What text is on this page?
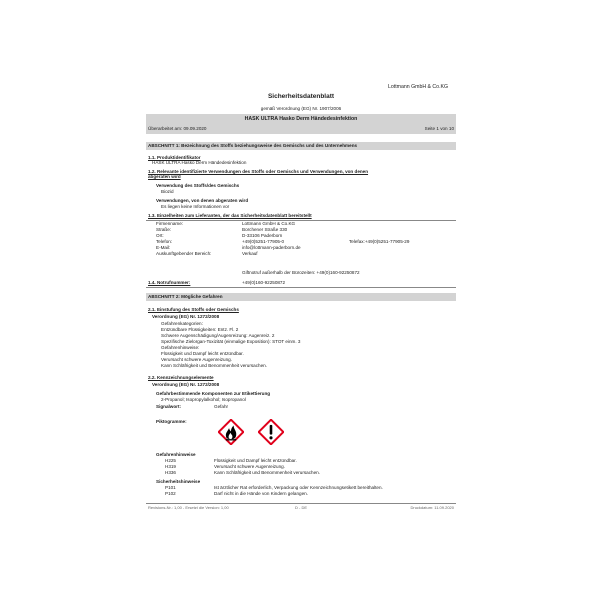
Lottmann GmbH & Co.KG
Sicherheitsdatenblatt
gemäß Verordnung (EG) Nr. 1907/2006
HASK ULTRA Hasko Derm Händedesinfektion
Überarbeitet am: 09.09.2020	Seite 1 von 10
ABSCHNITT 1: Bezeichnung des Stoffs beziehungsweise des Gemischs und des Unternehmens
1.1. Produktidentifikator
HASK ULTRA Hasko Derm Händedesinfektion
1.2. Relevante identifizierte Verwendungen des Stoffs oder Gemischs und Verwendungen, von denen
abgeraten wird
Verwendung des Stoffs/des Gemischs
Biozid
Verwendungen, von denen abgeraten wird
Es liegen keine Informationen vor
1.3. Einzelheiten zum Lieferanten, der das Sicherheitsdatenblatt bereitstellt
Firmenname:	Lottmann GmbH & Co.KG
Straße:	Borchener Straße 330
Ort:	D-33106 Paderborn
Telefon:	+49(0)5251-77905-0	Telefax:+49(0)5251-77905-29
E-Mail:	info@lottmann-paderborn.de
Auskunftgebender Bereich:	Verkauf
Giftnotruf außerhalb der Bürozeiten: +49(0)160-92250872
1.4. Notrufnummer:	+49(0)160-92250872
ABSCHNITT 2: Mögliche Gefahren
2.1. Einstufung des Stoffs oder Gemischs
Verordnung (EG) Nr. 1272/2008
Gefahrenkategorien:
Entzündbare Flüssigkeiten: Entz. Fl. 2
Schwere Augenschädigung/Augenreizung: Augenreiz. 2
Spezifische Zielorgan-Toxizität (einmalige Exposition): STOT einm. 3
Gefahrenhinweise:
Flüssigkeit und Dampf leicht entzündbar.
Verursacht schwere Augenreizung.
Kann Schläfrigkeit und Benommenheit verursachen.
2.2. Kennzeichnungselemente
Verordnung (EG) Nr. 1272/2008
Gefahrbestimmende Komponenten zur Etikettierung
2-Propanol; Isopropylalkohol; Isopropanol
Signalwort:	Gefahr
Piktogramme:
Gefahrenhinweise
H225	Flüssigkeit und Dampf leicht entzündbar.
H319	Verursacht schwere Augenreizung.
H336	Kann Schläfrigkeit und Benommenheit verursachen.
Sicherheitshinweise
P101	Ist ärztlicher Rat erforderlich, Verpackung oder Kennzeichnungsetikett bereithalten.
P102	Darf nicht in die Hände von Kindern gelangen.
Revisions-Nr.: 1,00 - Ersetzt die Version: 1,00	D - DE	Druckdatum: 11.09.2020
